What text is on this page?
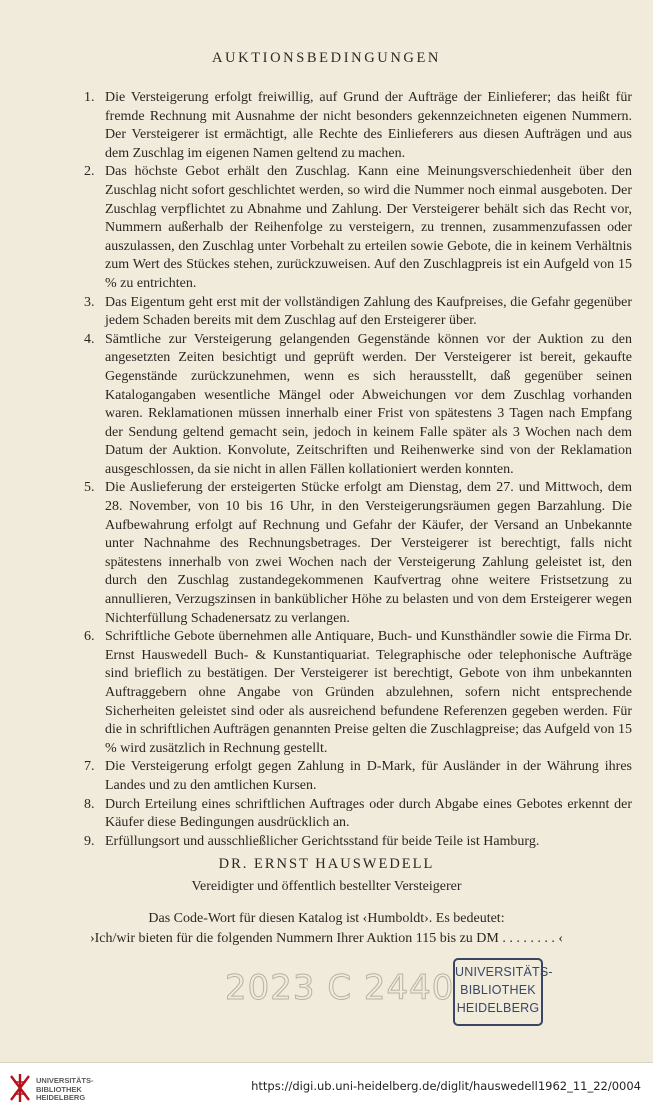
AUKTIONSBEDINGUNGEN
1. Die Versteigerung erfolgt freiwillig, auf Grund der Aufträge der Einlieferer; das heißt für fremde Rechnung mit Ausnahme der nicht besonders gekennzeichneten eigenen Nummern. Der Versteigerer ist ermächtigt, alle Rechte des Einlieferers aus diesen Aufträgen und aus dem Zuschlag im eigenen Namen geltend zu machen.
2. Das höchste Gebot erhält den Zuschlag. Kann eine Meinungsverschiedenheit über den Zuschlag nicht sofort geschlichtet werden, so wird die Nummer noch einmal ausgeboten. Der Zuschlag verpflichtet zu Abnahme und Zahlung. Der Versteigerer behält sich das Recht vor, Nummern außerhalb der Reihenfolge zu versteigern, zu trennen, zusammenzufassen oder auszulassen, den Zuschlag unter Vorbehalt zu erteilen sowie Gebote, die in keinem Verhältnis zum Wert des Stückes stehen, zurückzuweisen. Auf den Zuschlagpreis ist ein Aufgeld von 15 % zu entrichten.
3. Das Eigentum geht erst mit der vollständigen Zahlung des Kaufpreises, die Gefahr gegenüber jedem Schaden bereits mit dem Zuschlag auf den Ersteigerer über.
4. Sämtliche zur Versteigerung gelangenden Gegenstände können vor der Auktion zu den angesetzten Zeiten besichtigt und geprüft werden. Der Versteigerer ist bereit, gekaufte Gegenstände zurückzunehmen, wenn es sich herausstellt, daß gegenüber seinen Katalogangaben wesentliche Mängel oder Abweichungen vor dem Zuschlag vorhanden waren. Reklamationen müssen innerhalb einer Frist von spätestens 3 Tagen nach Empfang der Sendung geltend gemacht sein, jedoch in keinem Falle später als 3 Wochen nach dem Datum der Auktion. Konvolute, Zeitschriften und Reihenwerke sind von der Reklamation ausgeschlossen, da sie nicht in allen Fällen kollationiert werden konnten.
5. Die Auslieferung der ersteigerten Stücke erfolgt am Dienstag, dem 27. und Mittwoch, dem 28. November, von 10 bis 16 Uhr, in den Versteigerungsräumen gegen Barzahlung. Die Aufbewahrung erfolgt auf Rechnung und Gefahr der Käufer, der Versand an Unbekannte unter Nachnahme des Rechnungsbetrages. Der Versteigerer ist berechtigt, falls nicht spätestens innerhalb von zwei Wochen nach der Versteigerung Zahlung geleistet ist, den durch den Zuschlag zustandegekommenen Kaufvertrag ohne weitere Fristsetzung zu annullieren, Verzugszinsen in banküblicher Höhe zu belasten und von dem Ersteigerer wegen Nichterfüllung Schadenersatz zu verlangen.
6. Schriftliche Gebote übernehmen alle Antiquare, Buch- und Kunsthändler sowie die Firma Dr. Ernst Hauswedell Buch- & Kunstantiquariat. Telegraphische oder telephonische Aufträge sind brieflich zu bestätigen. Der Versteigerer ist berechtigt, Gebote von ihm unbekannten Auftraggebern ohne Angabe von Gründen abzulehnen, sofern nicht entsprechende Sicherheiten geleistet sind oder als ausreichend befundene Referenzen gegeben werden. Für die in schriftlichen Aufträgen genannten Preise gelten die Zuschlagpreise; das Aufgeld von 15 % wird zusätzlich in Rechnung gestellt.
7. Die Versteigerung erfolgt gegen Zahlung in D-Mark, für Ausländer in der Währung ihres Landes und zu den amtlichen Kursen.
8. Durch Erteilung eines schriftlichen Auftrages oder durch Abgabe eines Gebotes erkennt der Käufer diese Bedingungen ausdrücklich an.
9. Erfüllungsort und ausschließlicher Gerichtsstand für beide Teile ist Hamburg.
DR. ERNST HAUSWEDELL
Vereidigter und öffentlich bestellter Versteigerer
Das Code-Wort für diesen Katalog ist ‹Humboldt›. Es bedeutet:
›Ich/wir bieten für die folgenden Nummern Ihrer Auktion 115 bis zu DM . . . . . . . . ‹
2023 C 2440 UNIVERSITÄTS-
BIBLIOTHEK
HEIDELBERG
UNIVERSITÄTS-
BIBLIOTHEK
HEIDELBERG
https://digi.ub.uni-heidelberg.de/diglit/hauswedell1962_11_22/0004
